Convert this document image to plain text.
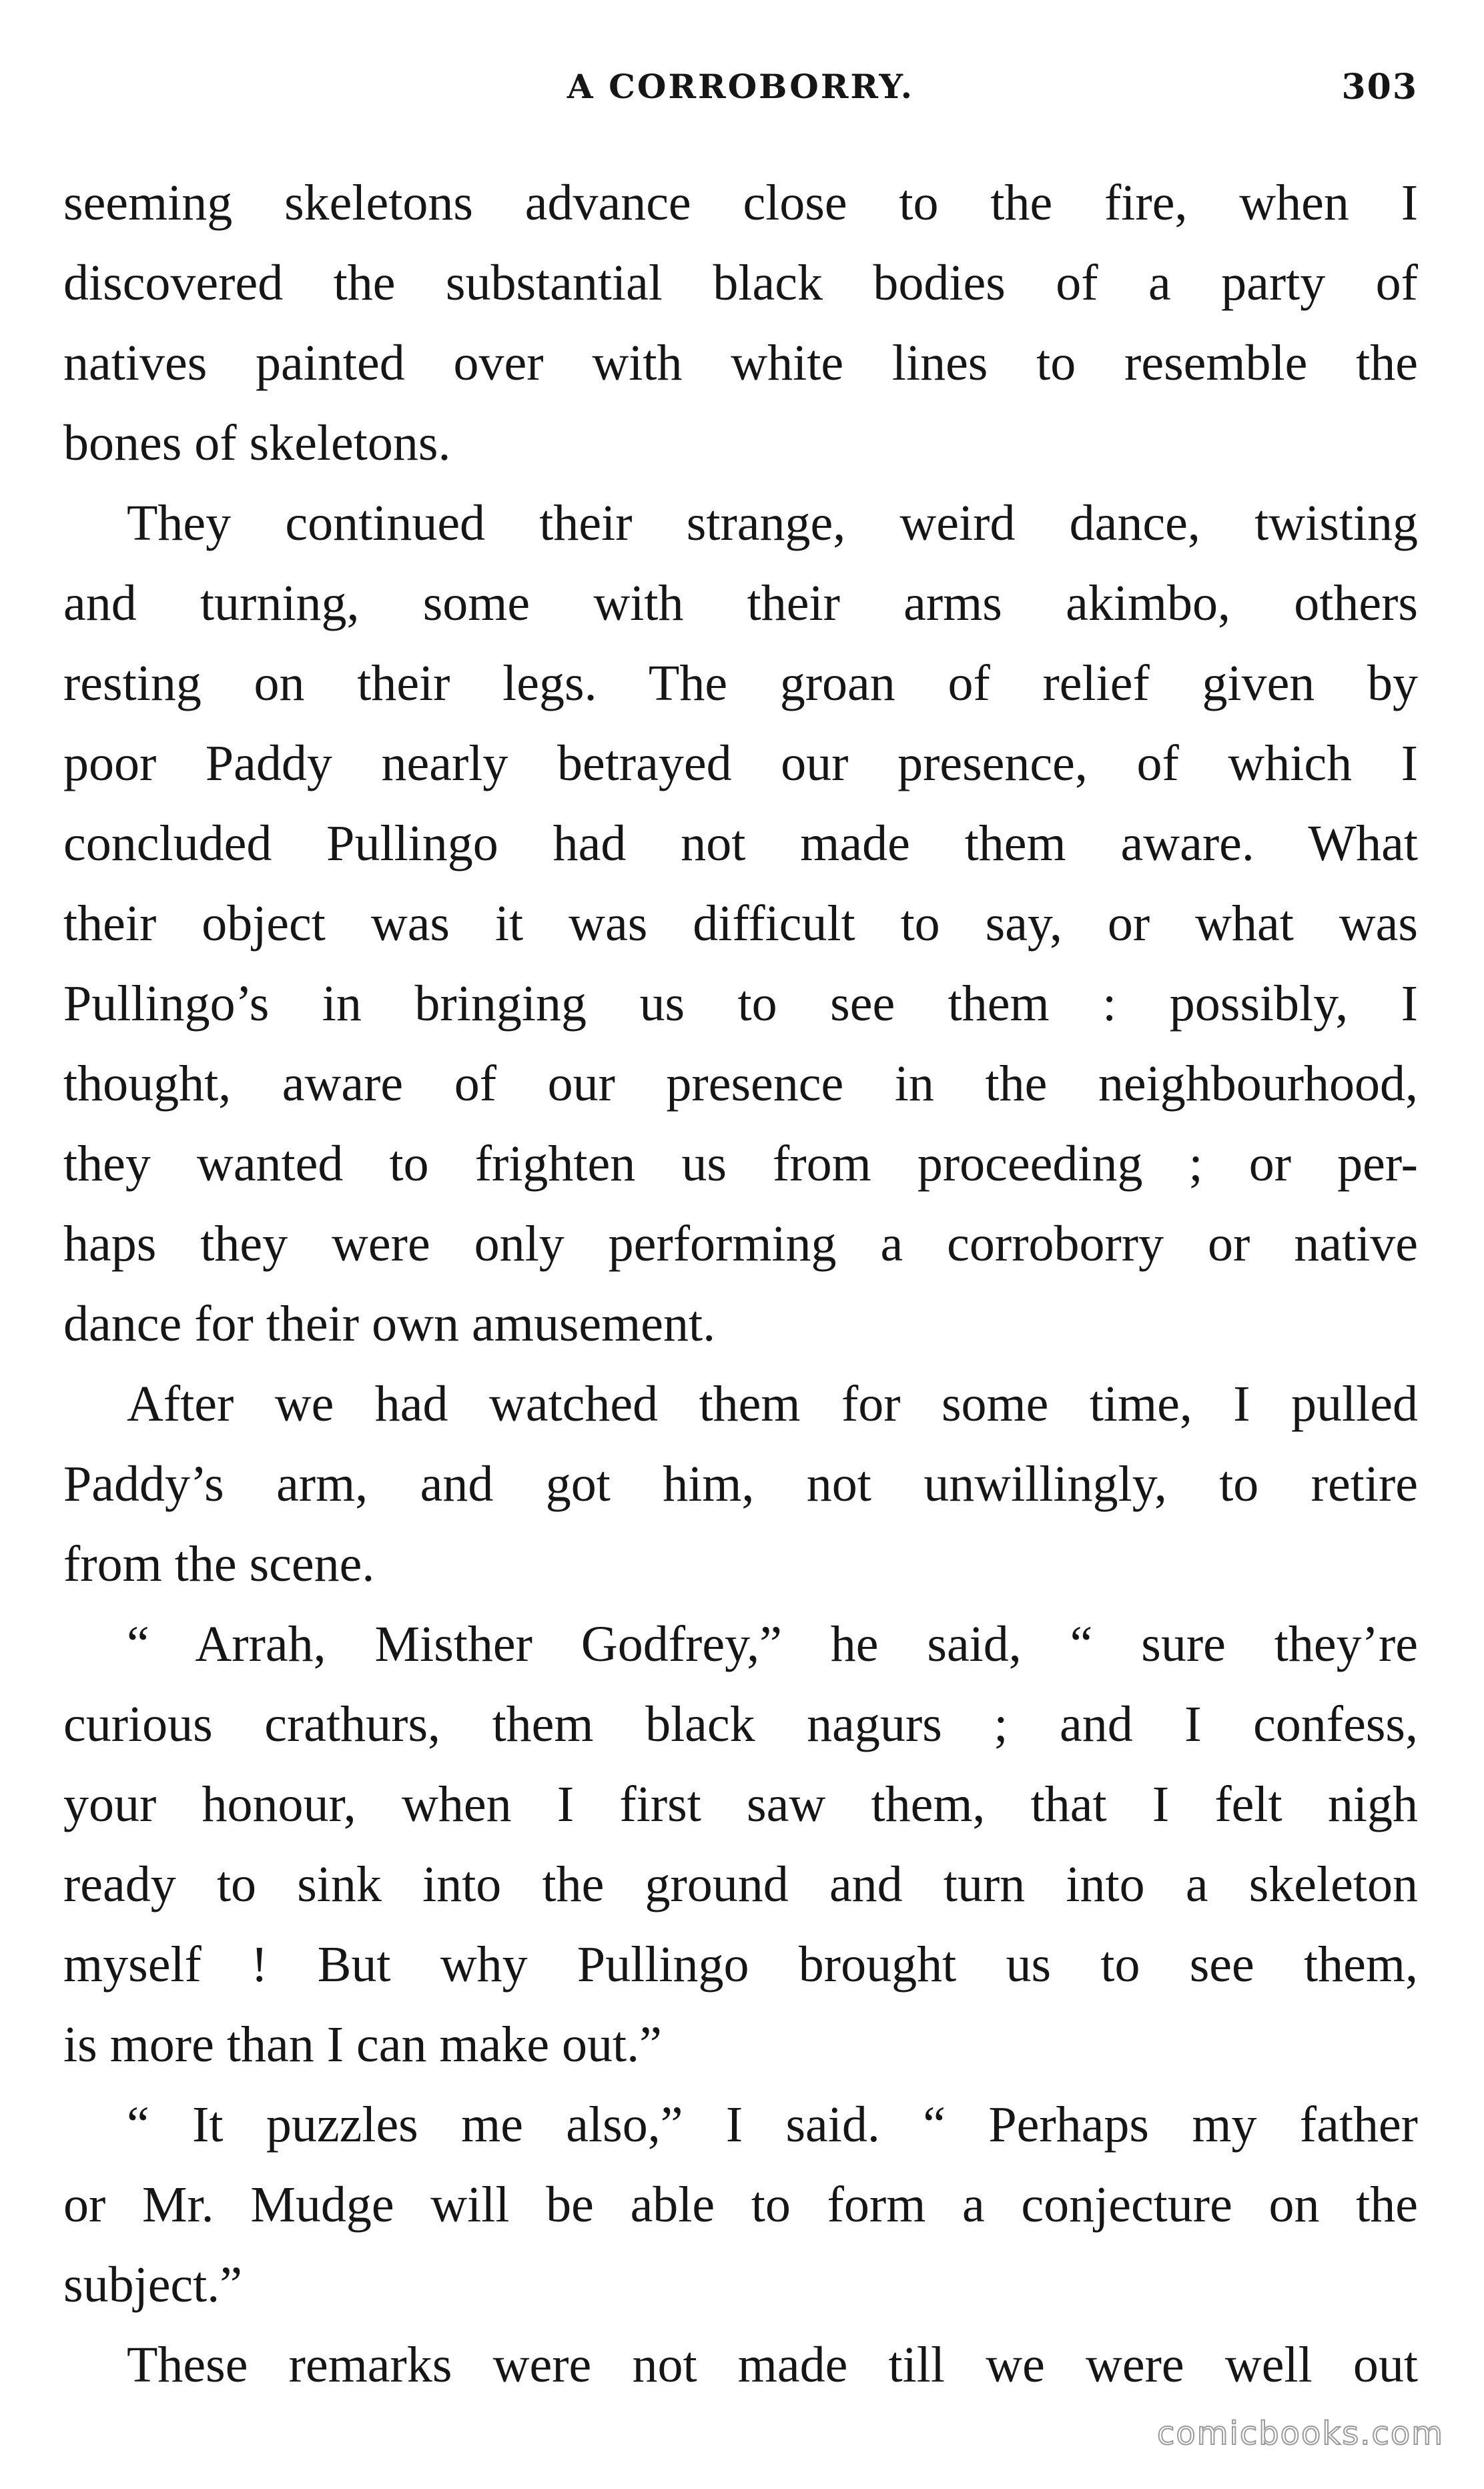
A CORROBORRY.	303
seeming skeletons advance close to the fire, when I
discovered the substantial black bodies of a party of
natives painted over with white lines to resemble the
bones of skeletons.
They continued their strange, weird dance, twisting
and turning, some with their arms akimbo, others
resting on their legs. The groan of relief given by
poor Paddy nearly betrayed our presence, of which I
concluded Pullingo had not made them aware. What
their object was it was difficult to say, or what was
Pullingo’s in bringing us to see them : possibly, I
thought, aware of our presence in the neighbourhood,
they wanted to frighten us from proceeding ; or per-
haps they were only performing a corroborry or native
dance for their own amusement.
After we had watched them for some time, I pulled
Paddy’s arm, and got him, not unwillingly, to retire
from the scene.
“ Arrah, Misther Godfrey,” he said, “ sure they’re
curious crathurs, them black nagurs ; and I confess,
your honour, when I first saw them, that I felt nigh
ready to sink into the ground and turn into a skeleton
myself ! But why Pullingo brought us to see them,
is more than I can make out.”
“ It puzzles me also,” I said. “ Perhaps my father
or Mr. Mudge will be able to form a conjecture on the
subject.”
These remarks were not made till we were well out
comicbooks.com
